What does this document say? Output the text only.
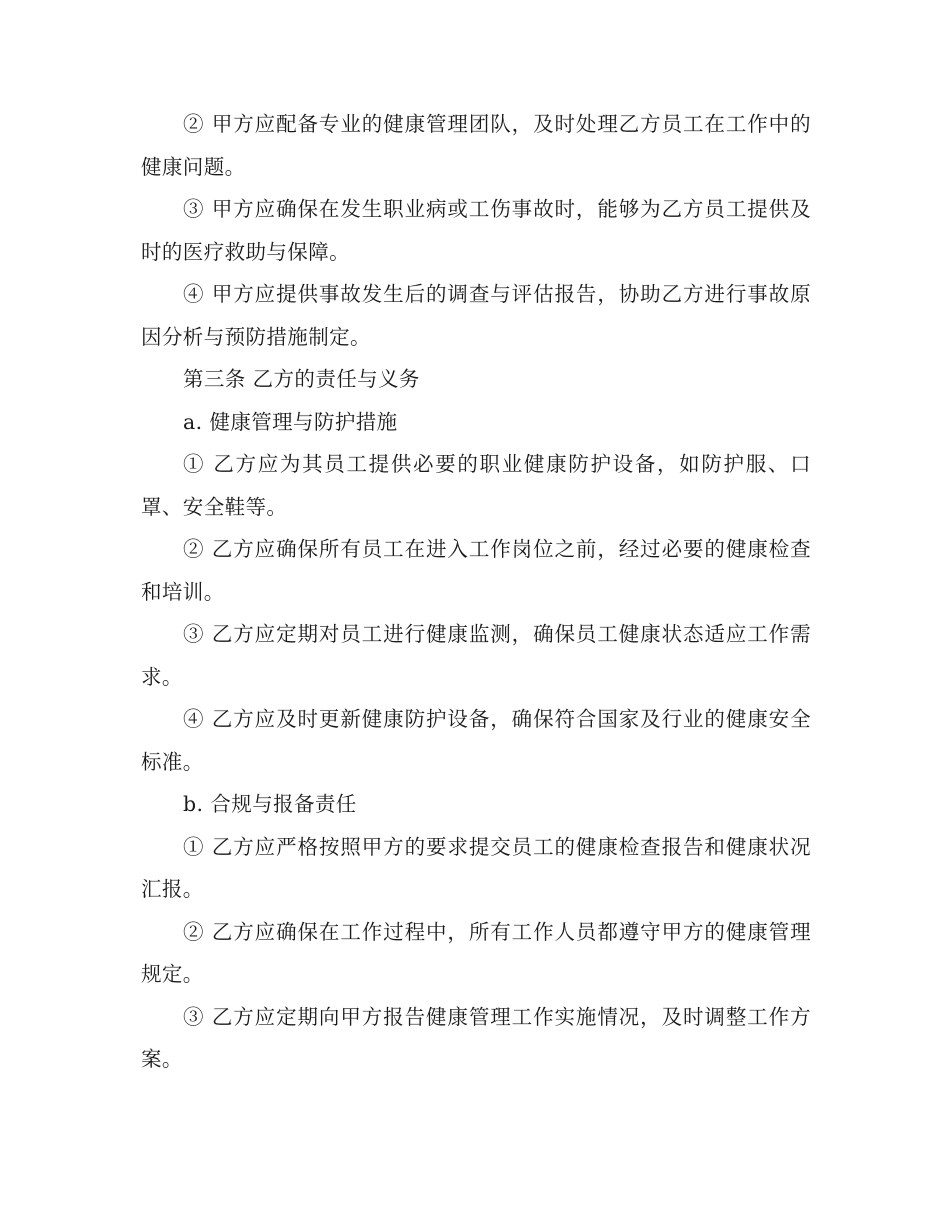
② 甲方应配备专业的健康管理团队，及时处理乙方员工在工作中的健康问题。

③ 甲方应确保在发生职业病或工伤事故时，能够为乙方员工提供及时的医疗救助与保障。

④ 甲方应提供事故发生后的调查与评估报告，协助乙方进行事故原因分析与预防措施制定。

第三条 乙方的责任与义务

a. 健康管理与防护措施

① 乙方应为其员工提供必要的职业健康防护设备，如防护服、口罩、安全鞋等。

② 乙方应确保所有员工在进入工作岗位之前，经过必要的健康检查和培训。

③ 乙方应定期对员工进行健康监测，确保员工健康状态适应工作需求。

④ 乙方应及时更新健康防护设备，确保符合国家及行业的健康安全标准。

b. 合规与报备责任

① 乙方应严格按照甲方的要求提交员工的健康检查报告和健康状况汇报。

② 乙方应确保在工作过程中，所有工作人员都遵守甲方的健康管理规定。

③ 乙方应定期向甲方报告健康管理工作实施情况，及时调整工作方案。
